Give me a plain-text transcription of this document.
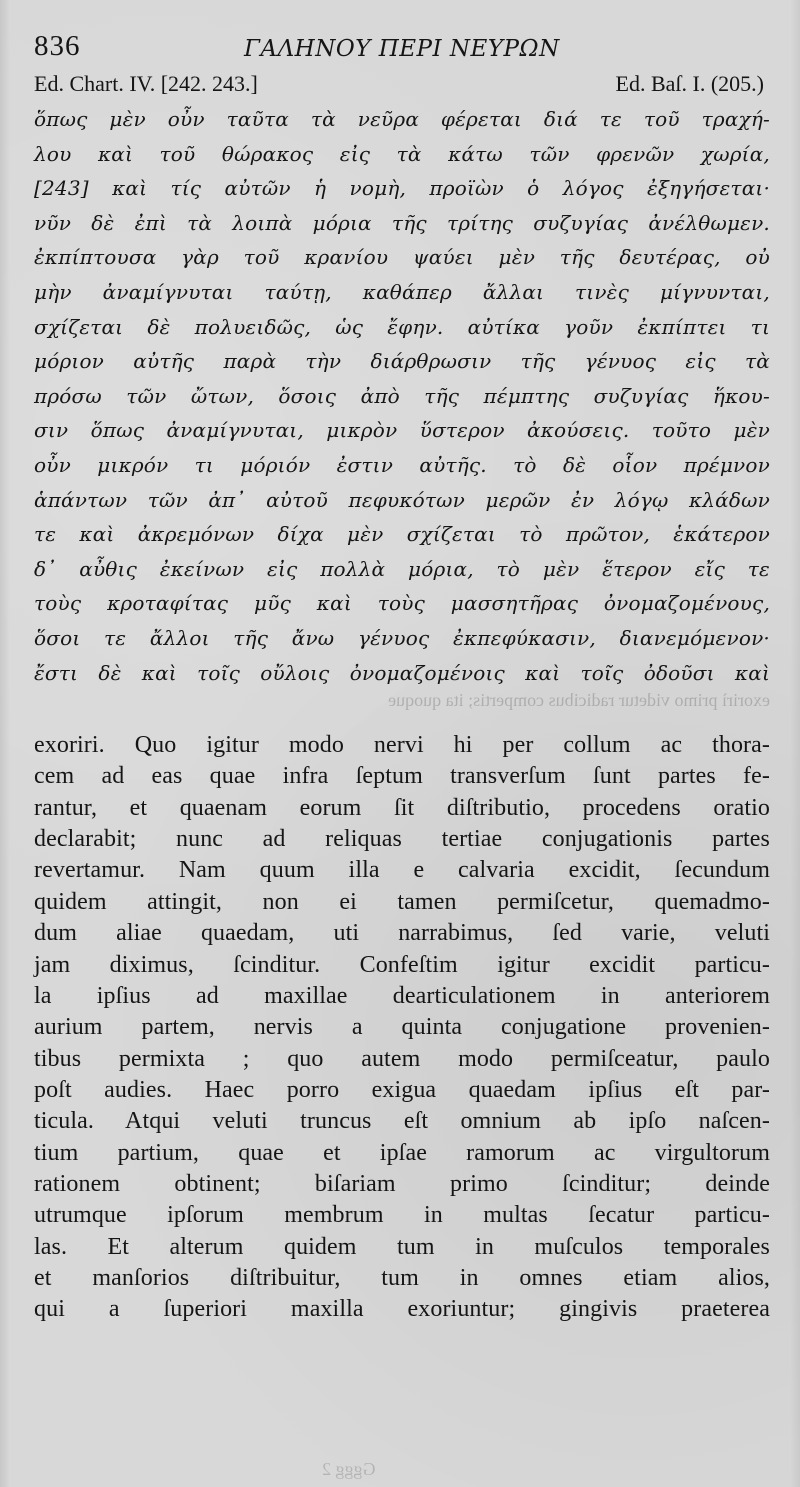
836	ΓΑΛΗΝΟΥ ΠΕΡΙ ΝΕΥΡΩΝ
Ed. Chart. IV. [242. 243.]	Ed. Baſ. I. (205.)
ὅπως μὲν οὖν ταῦτα τὰ νεῦρα φέρεται διά τε τοῦ τραχή-
λου καὶ τοῦ θώρακος εἰς τὰ κάτω τῶν φρενῶν χωρία,
[243] καὶ τίς αὐτῶν ἡ νομὴ, προϊὼν ὁ λόγος ἐξηγήσεται·
νῦν δὲ ἐπὶ τὰ λοιπὰ μόρια τῆς τρίτης συζυγίας ἀνέλθωμεν.
ἐκπίπτουσα γὰρ τοῦ κρανίου ψαύει μὲν τῆς δευτέρας, οὐ
μὴν ἀναμίγνυται ταύτῃ, καθάπερ ἄλλαι τινὲς μίγνυνται,
σχίζεται δὲ πολυειδῶς, ὡς ἔφην. αὐτίκα γοῦν ἐκπίπτει τι
μόριον αὐτῆς παρὰ τὴν διάρθρωσιν τῆς γένυος εἰς τὰ
πρόσω τῶν ὤτων, ὅσοις ἀπὸ τῆς πέμπτης συζυγίας ἥκου-
σιν ὅπως ἀναμίγνυται, μικρὸν ὕστερον ἀκούσεις. τοῦτο μὲν
οὖν μικρόν τι μόριόν ἐστιν αὐτῆς. τὸ δὲ οἷον πρέμνον
ἁπάντων τῶν ἀπ᾽ αὐτοῦ πεφυκότων μερῶν ἐν λόγῳ κλάδων
τε καὶ ἀκρεμόνων δίχα μὲν σχίζεται τὸ πρῶτον, ἑκάτερον
δ᾽ αὖθις ἐκείνων εἰς πολλὰ μόρια, τὸ μὲν ἕτερον εἴς τε
τοὺς κροταφίτας μῦς καὶ τοὺς μασσητῆρας ὀνομαζομένους,
ὅσοι τε ἄλλοι τῆς ἄνω γένυος ἐκπεφύκασιν, διανεμόμενον·
ἔστι δὲ καὶ τοῖς οὔλοις ὀνομαζομένοις καὶ τοῖς ὀδοῦσι καὶ
exorirì primo videtur radicibus compertis; ita quoque
exoriri. Quo igitur modo nervi hi per collum ac thora-
cem ad eas quae infra ſeptum transverſum ſunt partes fe-
rantur, et quaenam eorum ſit diſtributio, procedens oratio
declarabit; nunc ad reliquas tertiae conjugationis partes
revertamur. Nam quum illa e calvaria excidit, ſecundum
quidem attingit, non ei tamen permiſcetur, quemadmo-
dum aliae quaedam, uti narrabimus, ſed varie, veluti
jam diximus, ſcinditur. Confeſtim igitur excidit particu-
la ipſius ad maxillae dearticulationem in anteriorem
aurium partem, nervis a quinta conjugatione provenien-
tibus permixta ; quo autem modo permiſceatur, paulo
poſt audies. Haec porro exigua quaedam ipſius eſt par-
ticula. Atqui veluti truncus eſt omnium ab ipſo naſcen-
tium partium, quae et ipſae ramorum ac virgultorum
rationem obtinent; biſariam primo ſcinditur; deinde
utrumque ipſorum membrum in multas ſecatur particu-
las. Et alterum quidem tum in muſculos temporales
et manſorios diſtribuitur, tum in omnes etiam alios,
qui a ſuperiori maxilla exoriuntur; gingivis praeterea
Gggg 2
